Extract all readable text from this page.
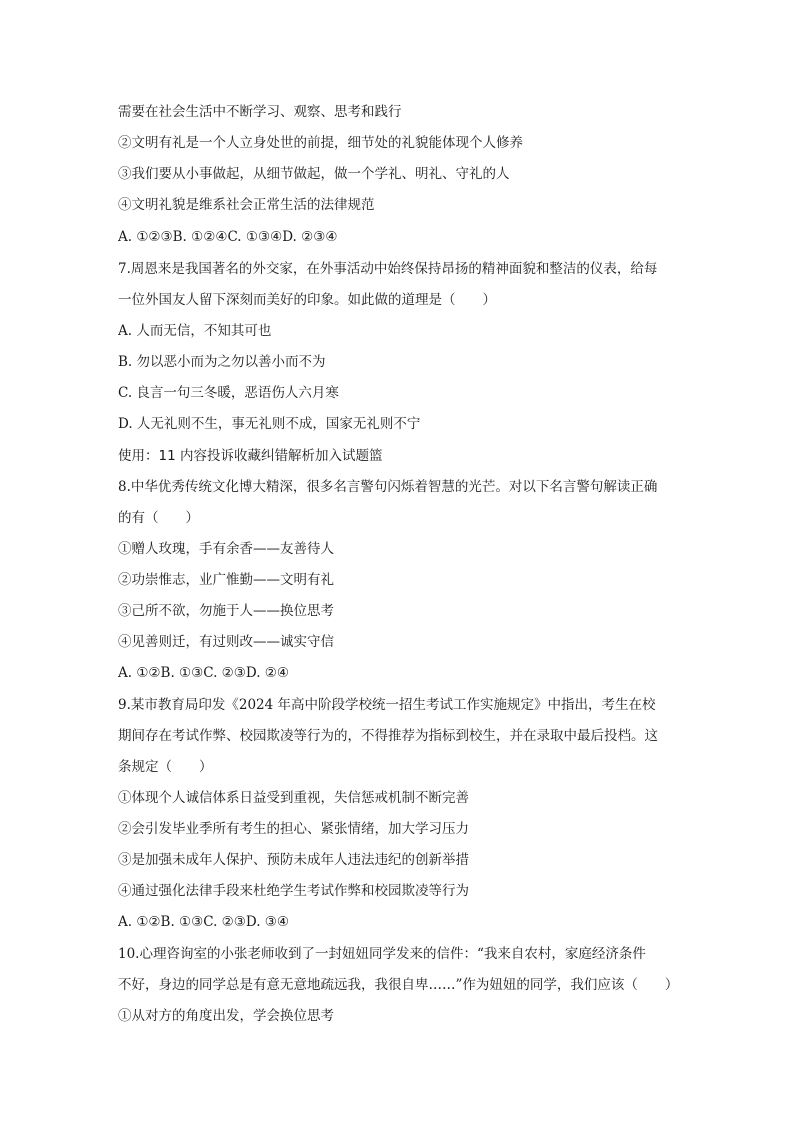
需要在社会生活中不断学习、观察、思考和践行
②文明有礼是一个人立身处世的前提，细节处的礼貌能体现个人修养
③我们要从小事做起，从细节做起，做一个学礼、明礼、守礼的人
④文明礼貌是维系社会正常生活的法律规范
A. ①②③B. ①②④C. ①③④D. ②③④
7.周恩来是我国著名的外交家，在外事活动中始终保持昂扬的精神面貌和整洁的仪表，给每
一位外国友人留下深刻而美好的印象。如此做的道理是（　　）
A. 人而无信，不知其可也
B. 勿以恶小而为之勿以善小而不为
C. 良言一句三冬暖，恶语伤人六月寒
D. 人无礼则不生，事无礼则不成，国家无礼则不宁
使用：11 内容投诉收藏纠错解析加入试题篮
8.中华优秀传统文化博大精深，很多名言警句闪烁着智慧的光芒。对以下名言警句解读正确
的有（　　）
①赠人玫瑰，手有余香——友善待人
②功崇惟志，业广惟勤——文明有礼
③己所不欲，勿施于人——换位思考
④见善则迁，有过则改——诚实守信
A. ①②B. ①③C. ②③D. ②④
9.某市教育局印发《2024 年高中阶段学校统一招生考试工作实施规定》中指出，考生在校
期间存在考试作弊、校园欺凌等行为的，不得推荐为指标到校生，并在录取中最后投档。这
条规定（　　）
①体现个人诚信体系日益受到重视，失信惩戒机制不断完善
②会引发毕业季所有考生的担心、紧张情绪，加大学习压力
③是加强未成年人保护、预防未成年人违法违纪的创新举措
④通过强化法律手段来杜绝学生考试作弊和校园欺凌等行为
A. ①②B. ①③C. ②③D. ③④
10.心理咨询室的小张老师收到了一封妞妞同学发来的信件：“我来自农村，家庭经济条件
不好，身边的同学总是有意无意地疏远我，我很自卑……”作为妞妞的同学，我们应该（　　）
①从对方的角度出发，学会换位思考
